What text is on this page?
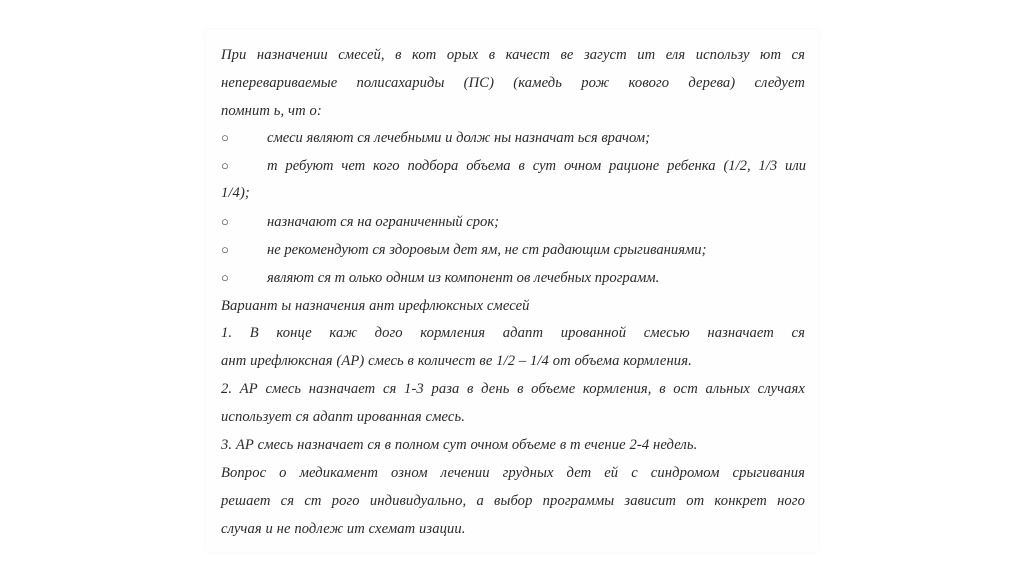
При назначении смесей, в кот орых в качест ве загуст ит еля использу ют ся
неперевариваемые полисахариды (ПС) (камедь рож кового дерева) следует
помнит ь, чт о:
○	смеси являют ся лечебными и долж ны назначат ься врачом;
○	т ребуют чет кого подбора объема в сут очном рационе ребенка (1/2, 1/3 или
1/4);
○	назначают ся на ограниченный срок;
○	не рекомендуют ся здоровым дет ям, не ст радающим срыгиваниями;
○	являют ся т олько одним из компонент ов лечебных программ.
Вариант ы назначения ант ирефлюксных смесей
1. В конце каж дого кормления адапт ированной смесью назначает ся
ант ирефлюксная (АР) смесь в количест ве 1/2 – 1/4 от объема кормления.
2. АР смесь назначает ся 1-3 раза в день в объеме кормления, в ост альных случаях
использует ся адапт ированная смесь.
3. АР смесь назначает ся в полном сут очном объеме в т ечение 2-4 недель.
Вопрос о медикамент озном лечении грудных дет ей с синдромом срыгивания
решает ся ст рого индивидуально, а выбор программы зависит от конкрет ного
случая и не подлеж ит схемат изации.
